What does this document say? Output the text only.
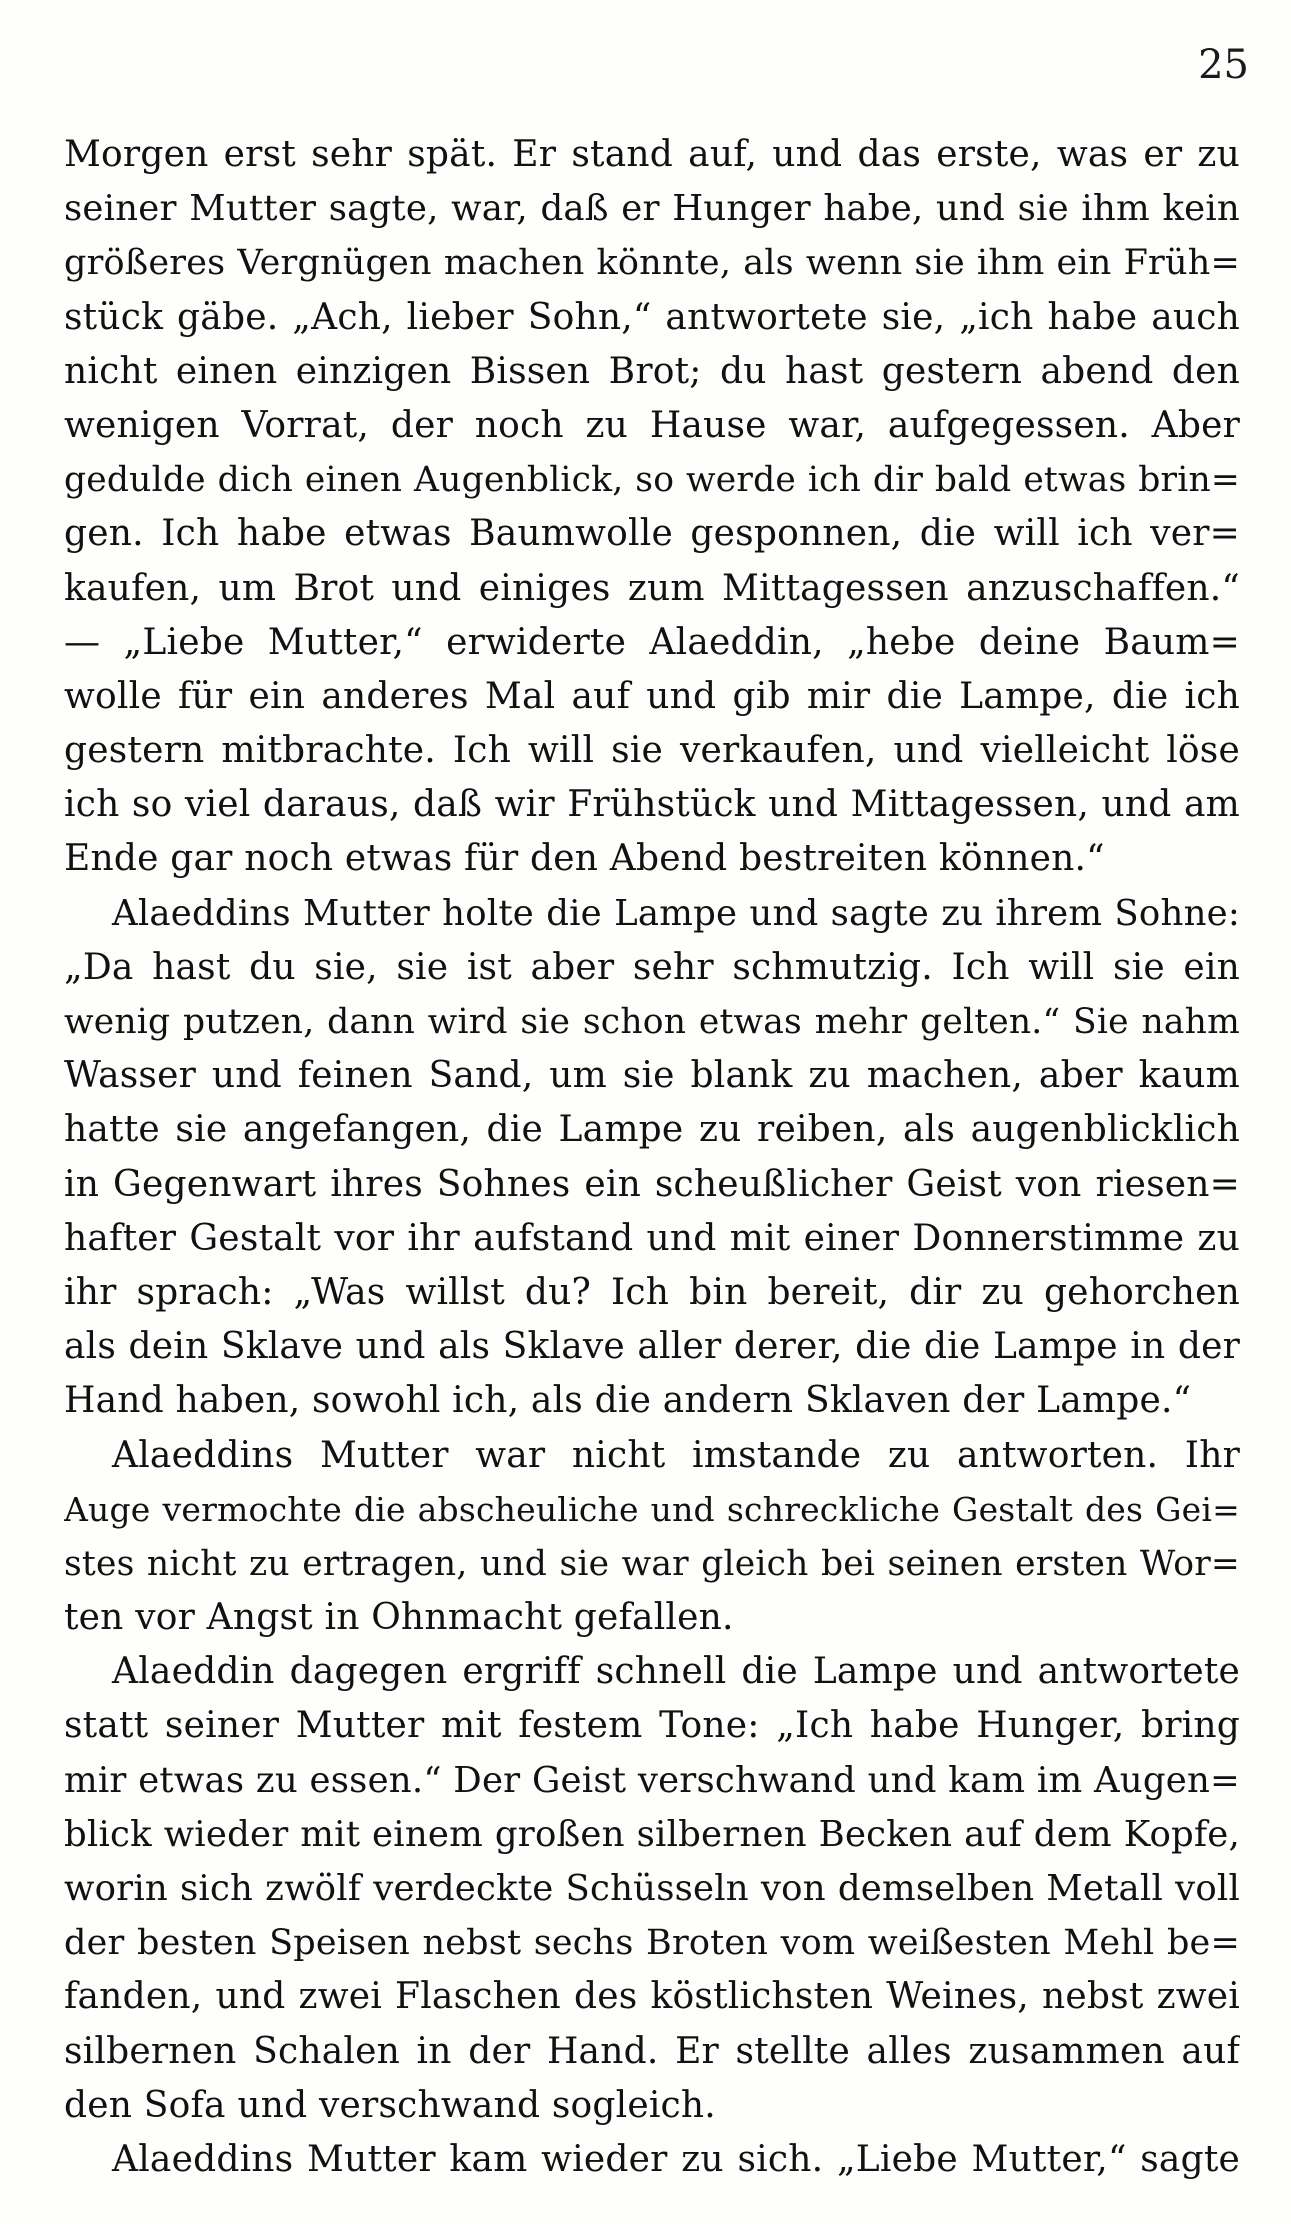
25
Morgen erst sehr spät. Er stand auf, und das erste, was er zu
seiner Mutter sagte, war, daß er Hunger habe, und sie ihm kein
größeres Vergnügen machen könnte, als wenn sie ihm ein Früh=
stück gäbe. „Ach, lieber Sohn,“ antwortete sie, „ich habe auch
nicht einen einzigen Bissen Brot; du hast gestern abend den
wenigen Vorrat, der noch zu Hause war, aufgegessen. Aber
gedulde dich einen Augenblick, so werde ich dir bald etwas brin=
gen. Ich habe etwas Baumwolle gesponnen, die will ich ver=
kaufen, um Brot und einiges zum Mittagessen anzuschaffen.“
— „Liebe Mutter,“ erwiderte Alaeddin, „hebe deine Baum=
wolle für ein anderes Mal auf und gib mir die Lampe, die ich
gestern mitbrachte. Ich will sie verkaufen, und vielleicht löse
ich so viel daraus, daß wir Frühstück und Mittagessen, und am
Ende gar noch etwas für den Abend bestreiten können.“
Alaeddins Mutter holte die Lampe und sagte zu ihrem Sohne:
„Da hast du sie, sie ist aber sehr schmutzig. Ich will sie ein
wenig putzen, dann wird sie schon etwas mehr gelten.“ Sie nahm
Wasser und feinen Sand, um sie blank zu machen, aber kaum
hatte sie angefangen, die Lampe zu reiben, als augenblicklich
in Gegenwart ihres Sohnes ein scheußlicher Geist von riesen=
hafter Gestalt vor ihr aufstand und mit einer Donnerstimme zu
ihr sprach: „Was willst du? Ich bin bereit, dir zu gehorchen
als dein Sklave und als Sklave aller derer, die die Lampe in der
Hand haben, sowohl ich, als die andern Sklaven der Lampe.“
Alaeddins Mutter war nicht imstande zu antworten. Ihr
Auge vermochte die abscheuliche und schreckliche Gestalt des Gei=
stes nicht zu ertragen, und sie war gleich bei seinen ersten Wor=
ten vor Angst in Ohnmacht gefallen.
Alaeddin dagegen ergriff schnell die Lampe und antwortete
statt seiner Mutter mit festem Tone: „Ich habe Hunger, bring
mir etwas zu essen.“ Der Geist verschwand und kam im Augen=
blick wieder mit einem großen silbernen Becken auf dem Kopfe,
worin sich zwölf verdeckte Schüsseln von demselben Metall voll
der besten Speisen nebst sechs Broten vom weißesten Mehl be=
fanden, und zwei Flaschen des köstlichsten Weines, nebst zwei
silbernen Schalen in der Hand. Er stellte alles zusammen auf
den Sofa und verschwand sogleich.
Alaeddins Mutter kam wieder zu sich. „Liebe Mutter,“ sagte
